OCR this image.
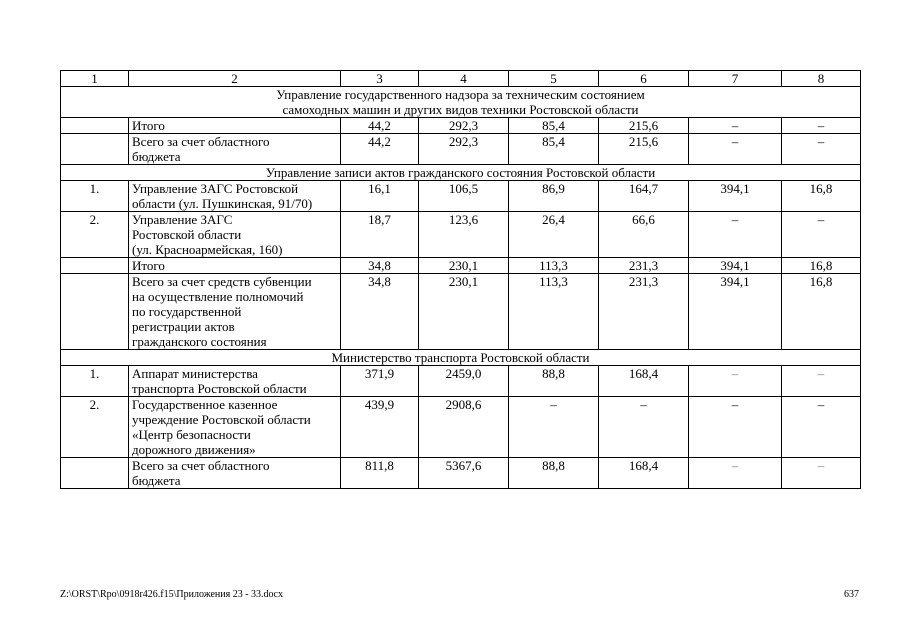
1	2	3	4	5	6	7	8
Управление государственного надзора за техническим состоянием
самоходных машин и других видов техники Ростовской области							
	Итого	44,2	292,3	85,4	215,6	–	–
	Всего за счет областного
бюджета	44,2	292,3	85,4	215,6	–	–
Управление записи актов гражданского состояния Ростовской области							
1.	Управление ЗАГС Ростовской
области (ул. Пушкинская, 91/70)	16,1	106,5	86,9	164,7	394,1	16,8
2.	Управление ЗАГС
Ростовской области
(ул. Красноармейская, 160)	18,7	123,6	26,4	66,6	–	–
	Итого	34,8	230,1	113,3	231,3	394,1	16,8
	Всего за счет средств субвенции
на осуществление полномочий
по государственной
регистрации актов
гражданского состояния	34,8	230,1	113,3	231,3	394,1	16,8
Министерство транспорта Ростовской области							
1.	Аппарат министерства
транспорта Ростовской области	371,9	2459,0	88,8	168,4	–	–
2.	Государственное казенное
учреждение Ростовской области
«Центр безопасности
дорожного движения»	439,9	2908,6	–	–	–	–
	Всего за счет областного
бюджета	811,8	5367,6	88,8	168,4	–	–
Z:\ORST\Rpo\0918r426.f15\Приложения 23 - 33.docx	637
